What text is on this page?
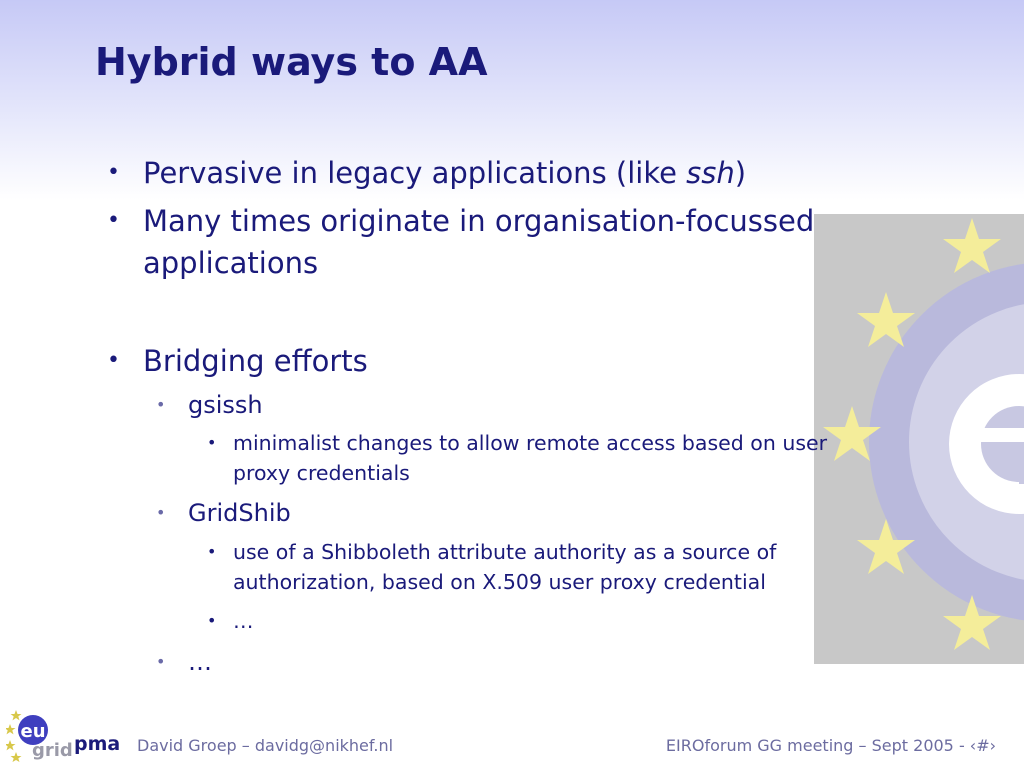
Hybrid ways to AA
• Pervasive in legacy applications (like ssh)
• Many times originate in organisation-focussed
applications
• Bridging efforts
• gsissh
• minimalist changes to allow remote access based on user
proxy credentials
• GridShib
• use of a Shibboleth attribute authority as a source of
authorization, based on X.509 user proxy credential
• …
• …
eu
grid pma David Groep – davidg@nikhef.nl	EIROforum GG meeting – Sept 2005 - ‹#›
